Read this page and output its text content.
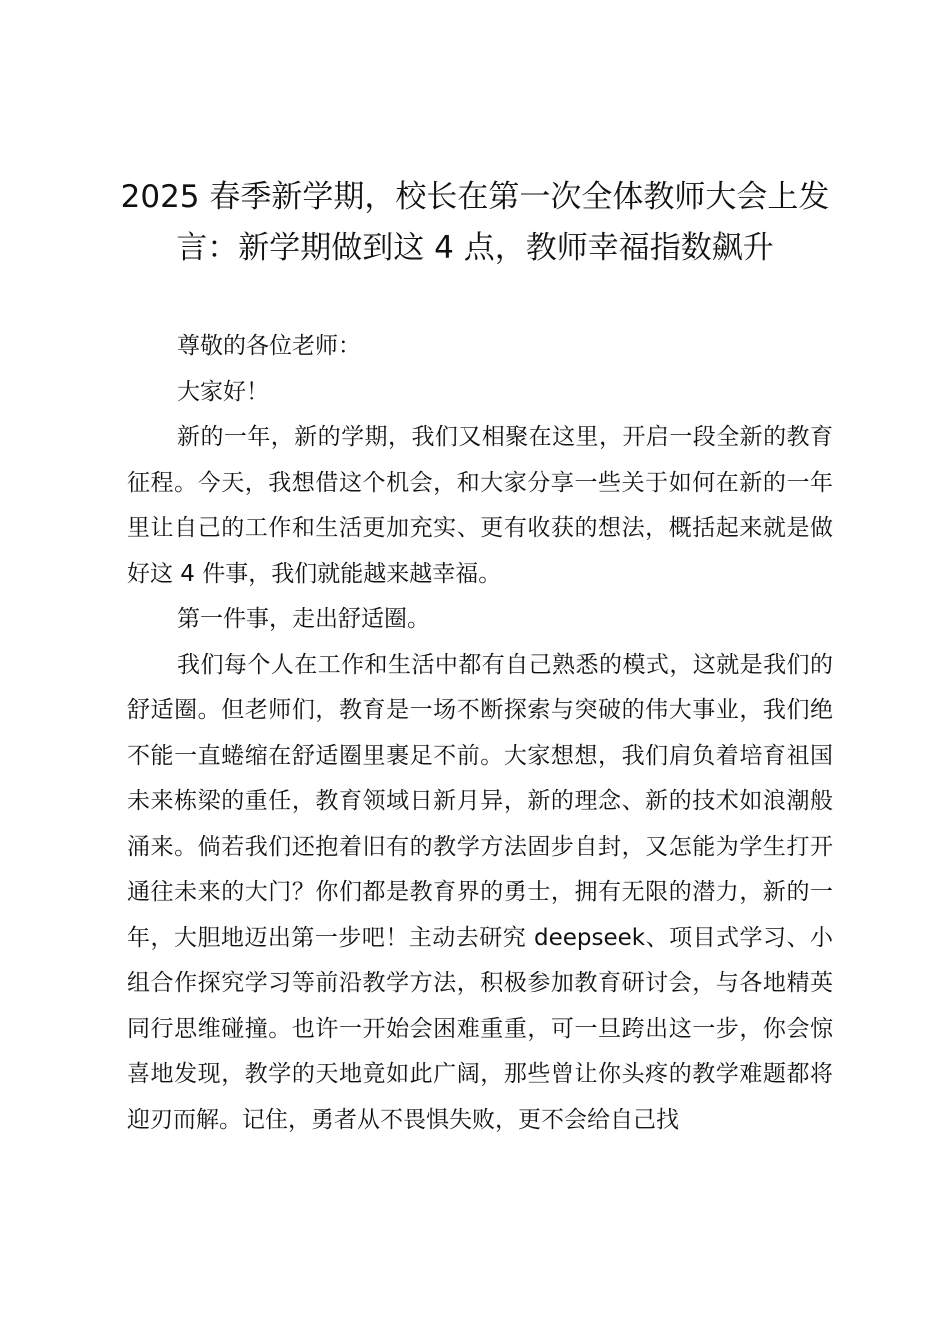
2025 春季新学期，校长在第一次全体教师大会上发言：新学期做到这 4 点，教师幸福指数飙升

尊敬的各位老师：

大家好！

新的一年，新的学期，我们又相聚在这里，开启一段全新的教育征程。今天，我想借这个机会，和大家分享一些关于如何在新的一年里让自己的工作和生活更加充实、更有收获的想法，概括起来就是做好这 4 件事，我们就能越来越幸福。

第一件事，走出舒适圈。

我们每个人在工作和生活中都有自己熟悉的模式，这就是我们的舒适圈。但老师们，教育是一场不断探索与突破的伟大事业，我们绝不能一直蜷缩在舒适圈里裹足不前。大家想想，我们肩负着培育祖国未来栋梁的重任，教育领域日新月异，新的理念、新的技术如浪潮般涌来。倘若我们还抱着旧有的教学方法固步自封，又怎能为学生打开通往未来的大门？你们都是教育界的勇士，拥有无限的潜力，新的一年，大胆地迈出第一步吧！主动去研究 deepseek、项目式学习、小组合作探究学习等前沿教学方法，积极参加教育研讨会，与各地精英同行思维碰撞。也许一开始会困难重重，可一旦跨出这一步，你会惊喜地发现，教学的天地竟如此广阔，那些曾让你头疼的教学难题都将迎刃而解。记住，勇者从不畏惧失败，更不会给自己找
